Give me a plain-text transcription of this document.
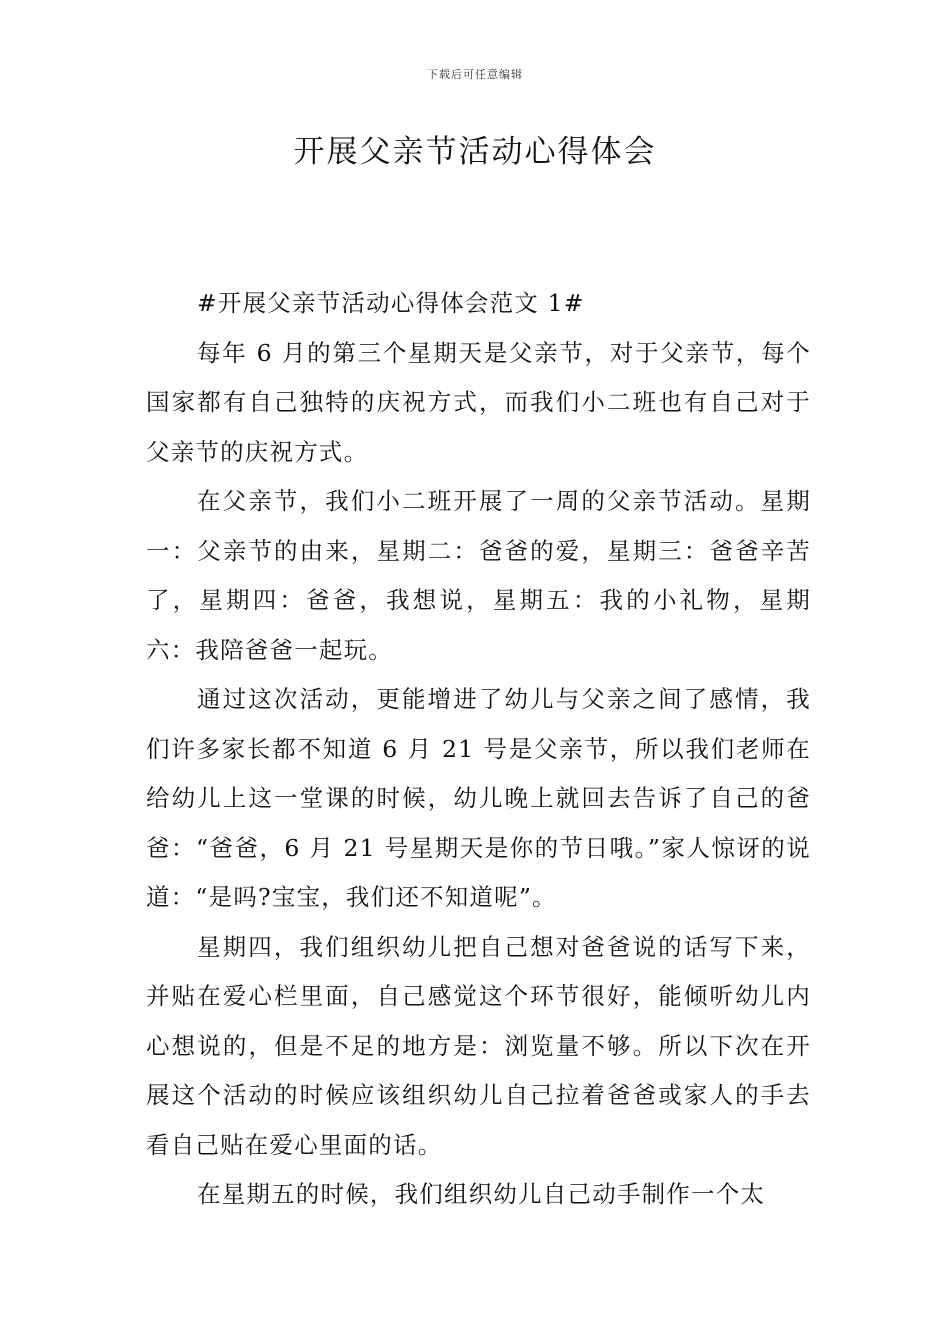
下载后可任意编辑
开展父亲节活动心得体会

#开展父亲节活动心得体会范文 1#

每年 6 月的第三个星期天是父亲节，对于父亲节，每个国家都有自己独特的庆祝方式，而我们小二班也有自己对于父亲节的庆祝方式。

在父亲节，我们小二班开展了一周的父亲节活动。星期一：父亲节的由来，星期二：爸爸的爱，星期三：爸爸辛苦了，星期四：爸爸，我想说，星期五：我的小礼物，星期六：我陪爸爸一起玩。

通过这次活动，更能增进了幼儿与父亲之间了感情，我们许多家长都不知道 6 月 21 号是父亲节，所以我们老师在给幼儿上这一堂课的时候，幼儿晚上就回去告诉了自己的爸爸：“爸爸，6 月 21 号星期天是你的节日哦。”家人惊讶的说道：“是吗?宝宝，我们还不知道呢”。

星期四，我们组织幼儿把自己想对爸爸说的话写下来，并贴在爱心栏里面，自己感觉这个环节很好，能倾听幼儿内心想说的，但是不足的地方是：浏览量不够。所以下次在开展这个活动的时候应该组织幼儿自己拉着爸爸或家人的手去看自己贴在爱心里面的话。

在星期五的时候，我们组织幼儿自己动手制作一个太
